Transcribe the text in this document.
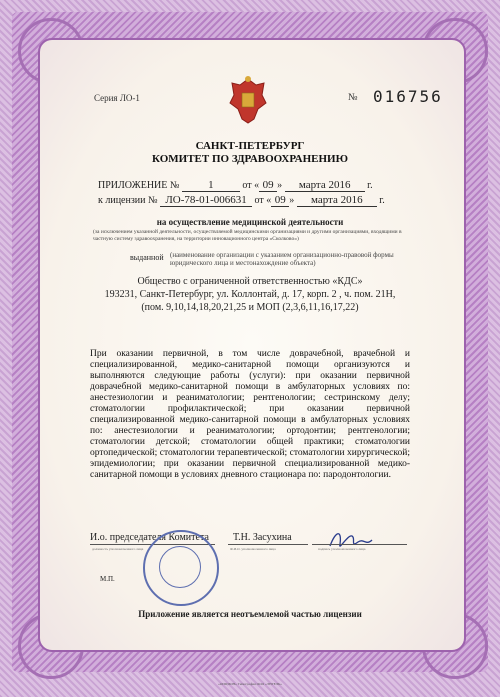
Серия ЛО-1	№ 016756
САНКТ-ПЕТЕРБУРГ
КОМИТЕТ ПО ЗДРАВООХРАНЕНИЮ
ПРИЛОЖЕНИЕ №	1	от « 09 » марта 2016 г.
к лицензии № ЛО-78-01-006631 от « 09 » марта 2016 г.
на осуществление медицинской деятельности
(за исключением указанной деятельности, осуществляемой медицинскими организациями и другими организациями, входящими в частную систему здравоохранения, на территории инновационного центра «Сколково»)
выданной (наименование организации с указанием организационно-правовой формы юридического лица и местонахождение объекта)
Общество с ограниченной ответственностью «КДС»
193231, Санкт-Петербург, ул. Коллонтай, д. 17, корп. 2 , ч. пом. 21Н,
(пом. 9,10,14,18,20,21,25 и МОП (2,3,6,11,16,17,22)
При оказании первичной, в том числе доврачебной, врачебной и специализированной, медико-санитарной помощи организуются и выполняются следующие работы (услуги): при оказании первичной доврачебной медико-санитарной помощи в амбулаторных условиях по: анестезиологии и реаниматологии; рентгенологии; сестринскому делу; стоматологии профилактической; при оказании первичной специализированной медико-санитарной помощи в амбулаторных условиях по: анестезиологии и реаниматологии; ортодонтии; рентгенологии; стоматологии детской; стоматологии общей практики; стоматологии ортопедической; стоматологии терапевтической; стоматологии хирургической; эпидемиологии; при оказании первичной специализированной медико-санитарной помощи в условиях дневного стационара по: пародонтологии.
И.о. председателя Комитета
должность уполномоченного лица
Т.Н. Засухина
Ф.И.О. уполномоченного лица	подпись уполномоченного лица
М.П.
Приложение является неотъемлемой частью лицензии
«ОПЦИОН» Типография ООО «ЭНГЕЛЬ»
